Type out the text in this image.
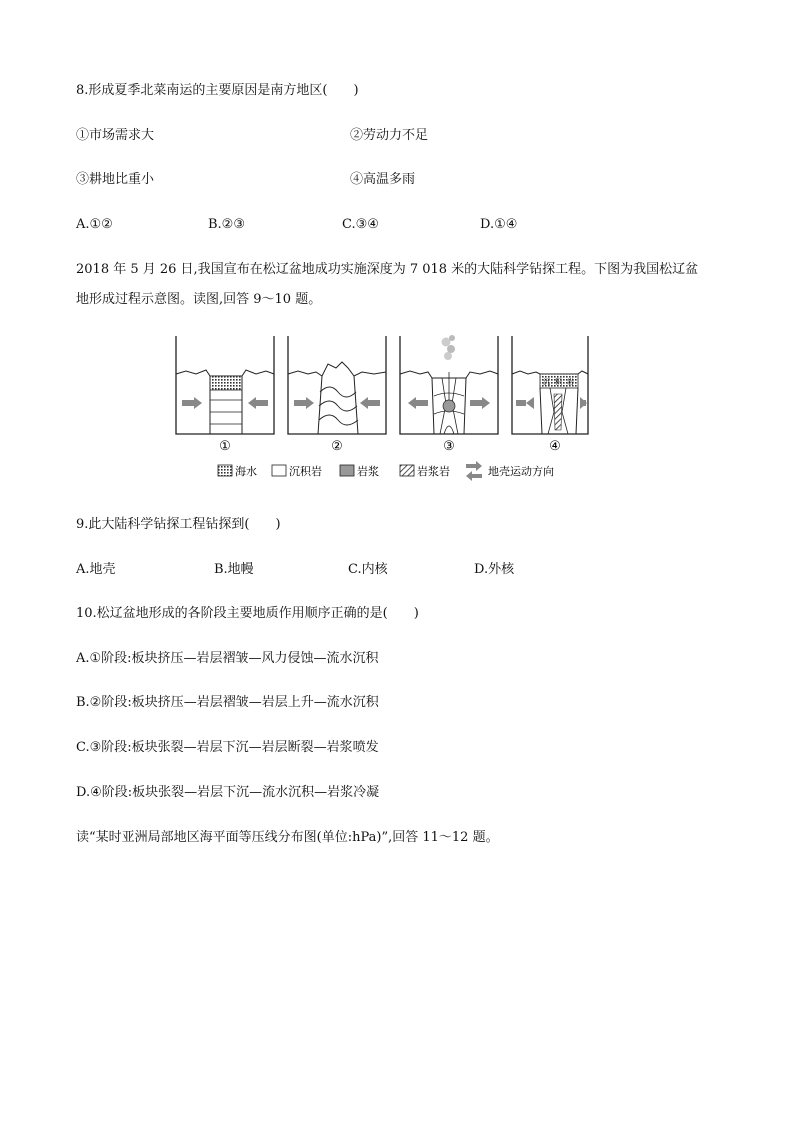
8.形成夏季北菜南运的主要原因是南方地区(　　)
①市场需求大	②劳动力不足
③耕地比重小	④高温多雨
A.①②	B.②③	C.③④	D.①④
2018 年 5 月 26 日,我国宣布在松辽盆地成功实施深度为 7 018 米的大陆科学钻探工程。下图为我国松辽盆
地形成过程示意图。读图,回答 9～10 题。
沉 积 岩
①	②	③	④
海水	沉积岩	岩浆	岩浆岩	地壳运动方向
9.此大陆科学钻探工程钻探到(　　)
A.地壳	B.地幔	C.内核	D.外核
10.松辽盆地形成的各阶段主要地质作用顺序正确的是(　　)
A.①阶段:板块挤压—岩层褶皱—风力侵蚀—流水沉积
B.②阶段:板块挤压—岩层褶皱—岩层上升—流水沉积
C.③阶段:板块张裂—岩层下沉—岩层断裂—岩浆喷发
D.④阶段:板块张裂—岩层下沉—流水沉积—岩浆冷凝
读“某时亚洲局部地区海平面等压线分布图(单位:hPa)”,回答 11～12 题。
